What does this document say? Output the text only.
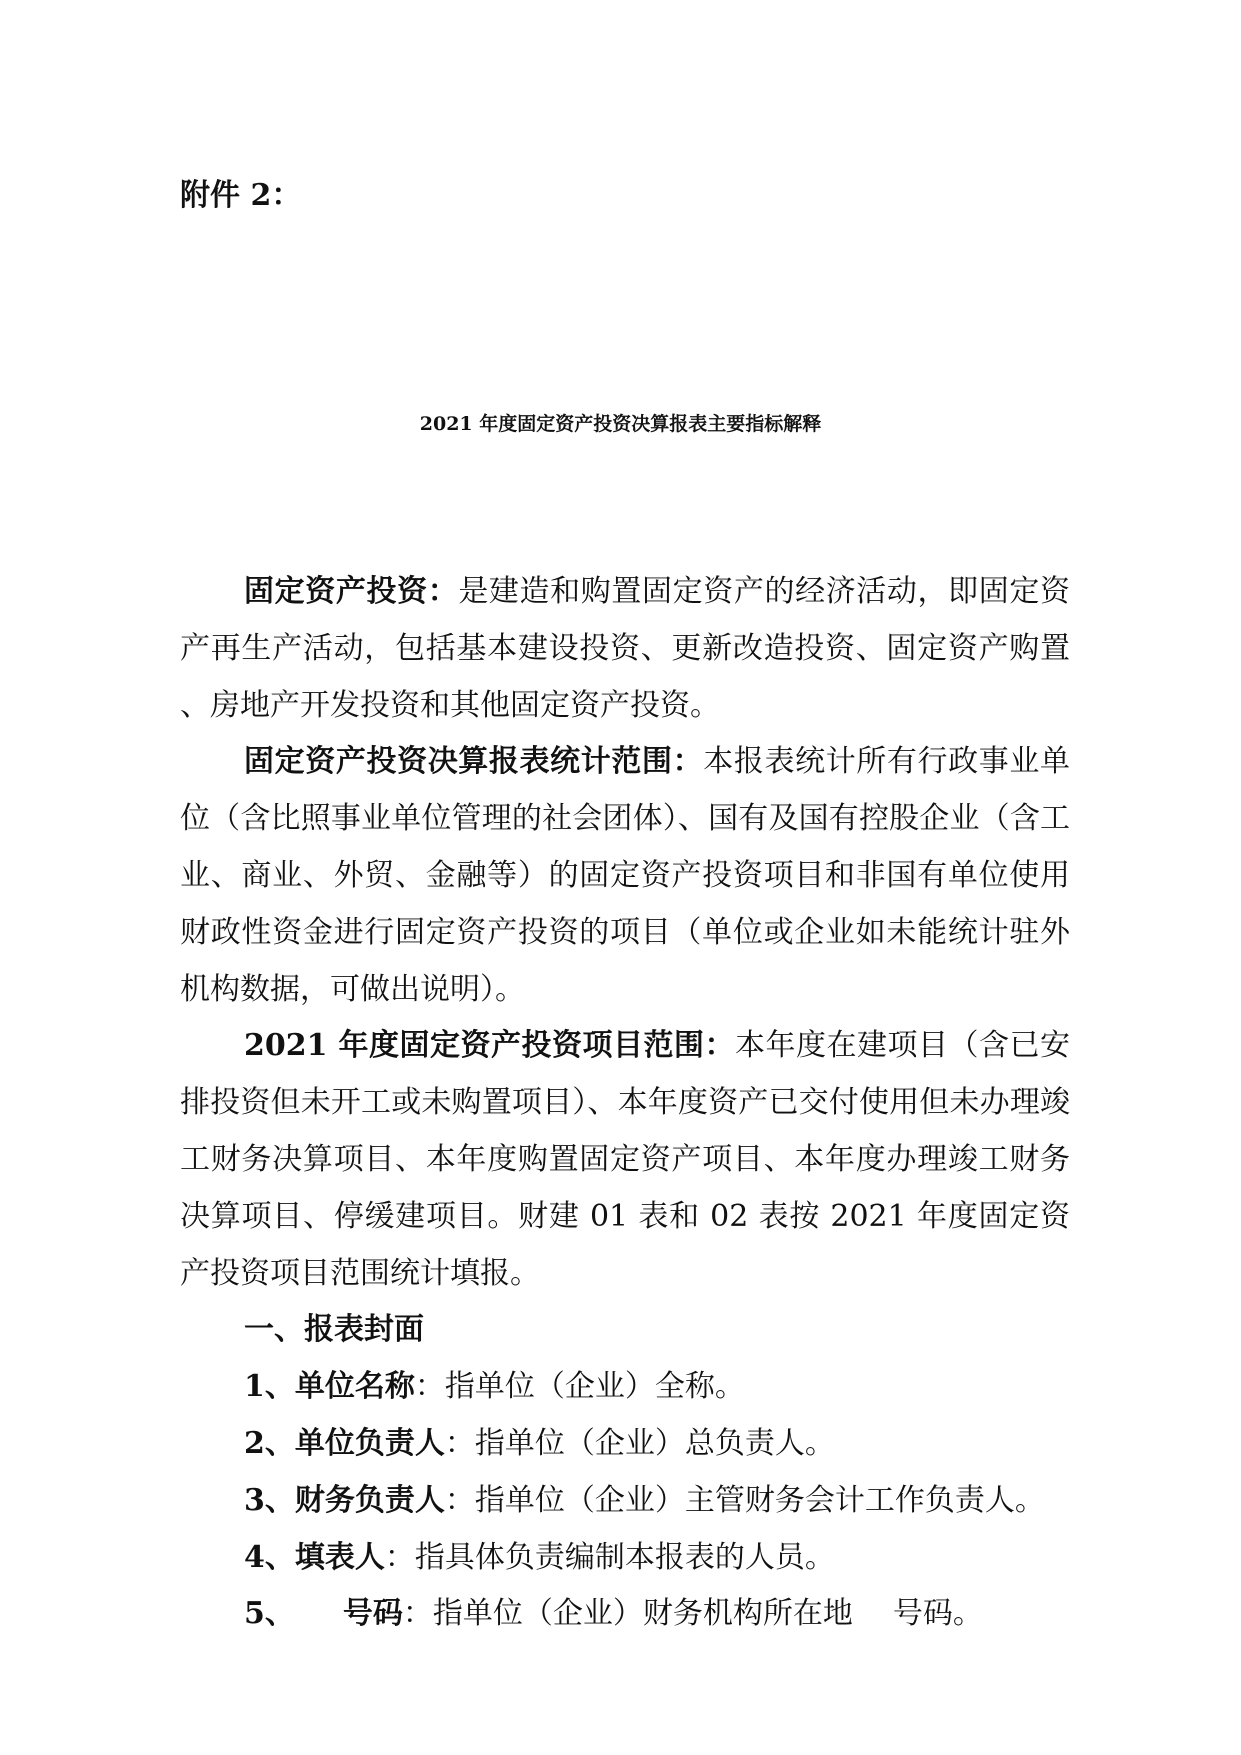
附件 2：
2021 年度固定资产投资决算报表主要指标解释

固定资产投资：是建造和购置固定资产的经济活动，即固定资产再生产活动，包括基本建设投资、更新改造投资、固定资产购置、房地产开发投资和其他固定资产投资。

固定资产投资决算报表统计范围：本报表统计所有行政事业单位（含比照事业单位管理的社会团体）、国有及国有控股企业（含工业、商业、外贸、金融等）的固定资产投资项目和非国有单位使用财政性资金进行固定资产投资的项目（单位或企业如未能统计驻外机构数据，可做出说明）。

2021 年度固定资产投资项目范围：本年度在建项目（含已安排投资但未开工或未购置项目）、本年度资产已交付使用但未办理竣工财务决算项目、本年度购置固定资产项目、本年度办理竣工财务决算项目、停缓建项目。财建 01 表和 02 表按 2021 年度固定资产投资项目范围统计填报。

一、报表封面

1、单位名称：指单位（企业）全称。

2、单位负责人：指单位（企业）总负责人。

3、财务负责人：指单位（企业）主管财务会计工作负责人。

4、填表人：指具体负责编制本报表的人员。

5、 号码：指单位（企业）财务机构所在地 号码。
